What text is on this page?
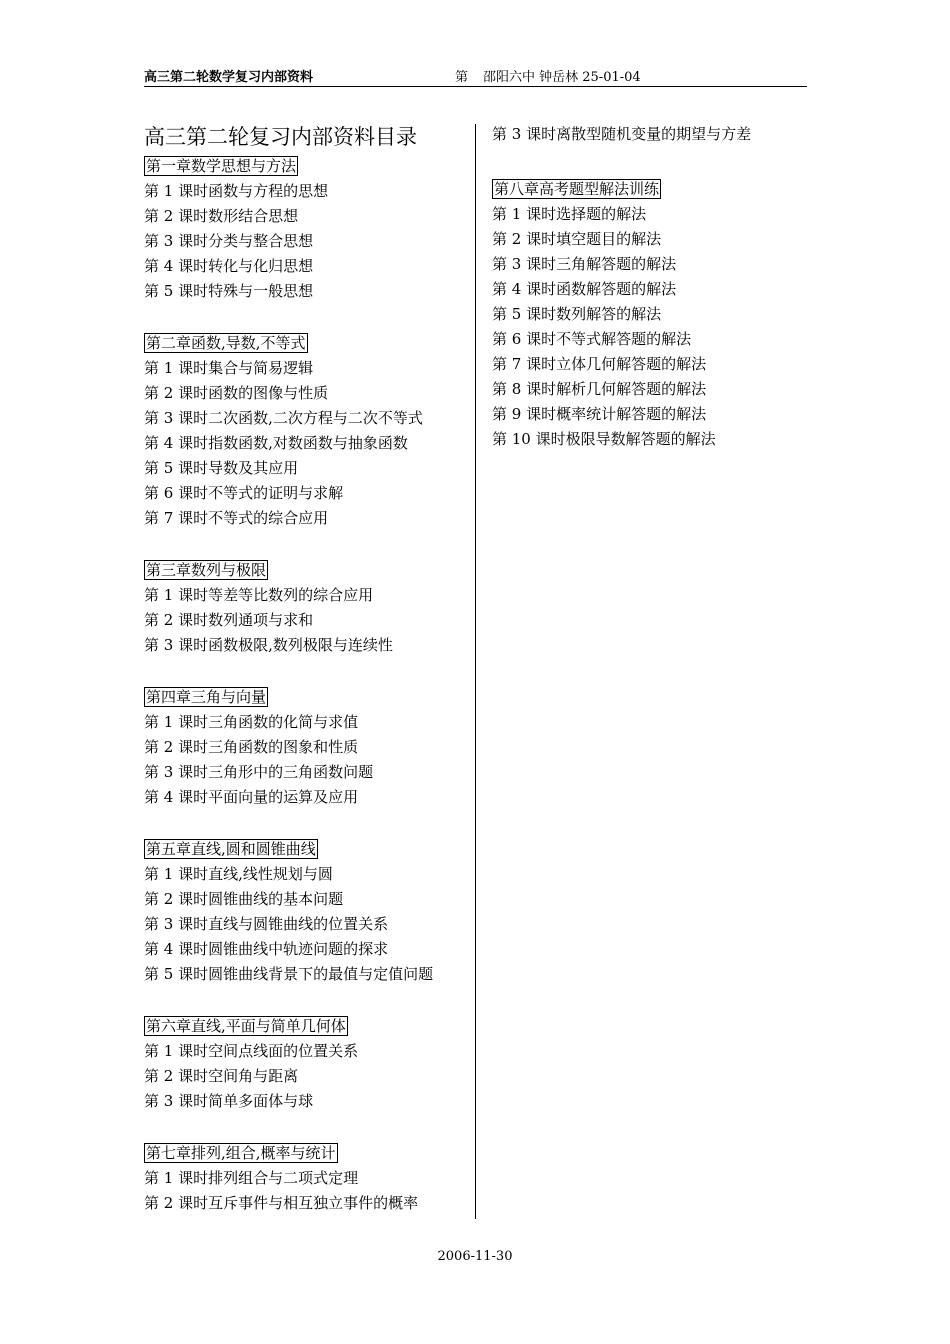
高三第二轮数学复习内部资料	第 邵阳六中 钟岳林 25-01-04
高三第二轮复习内部资料目录
第一章数学思想与方法

第 1 课时函数与方程的思想

第 2 课时数形结合思想

第 3 课时分类与整合思想

第 4 课时转化与化归思想

第 5 课时特殊与一般思想

第二章函数,导数,不等式

第 1 课时集合与简易逻辑

第 2 课时函数的图像与性质

第 3 课时二次函数,二次方程与二次不等式

第 4 课时指数函数,对数函数与抽象函数

第 5 课时导数及其应用

第 6 课时不等式的证明与求解

第 7 课时不等式的综合应用

第三章数列与极限

第 1 课时等差等比数列的综合应用

第 2 课时数列通项与求和

第 3 课时函数极限,数列极限与连续性

第四章三角与向量

第 1 课时三角函数的化简与求值

第 2 课时三角函数的图象和性质

第 3 课时三角形中的三角函数问题

第 4 课时平面向量的运算及应用

第五章直线,圆和圆锥曲线

第 1 课时直线,线性规划与圆

第 2 课时圆锥曲线的基本问题

第 3 课时直线与圆锥曲线的位置关系

第 4 课时圆锥曲线中轨迹问题的探求

第 5 课时圆锥曲线背景下的最值与定值问题

第六章直线,平面与简单几何体

第 1 课时空间点线面的位置关系

第 2 课时空间角与距离

第 3 课时简单多面体与球

第七章排列,组合,概率与统计

第 1 课时排列组合与二项式定理

第 2 课时互斥事件与相互独立事件的概率

第 3 课时离散型随机变量的期望与方差

第八章高考题型解法训练

第 1 课时选择题的解法

第 2 课时填空题目的解法

第 3 课时三角解答题的解法

第 4 课时函数解答题的解法

第 5 课时数列解答的解法

第 6 课时不等式解答题的解法

第 7 课时立体几何解答题的解法

第 8 课时解析几何解答题的解法

第 9 课时概率统计解答题的解法

第 10 课时极限导数解答题的解法

2006-11-30
